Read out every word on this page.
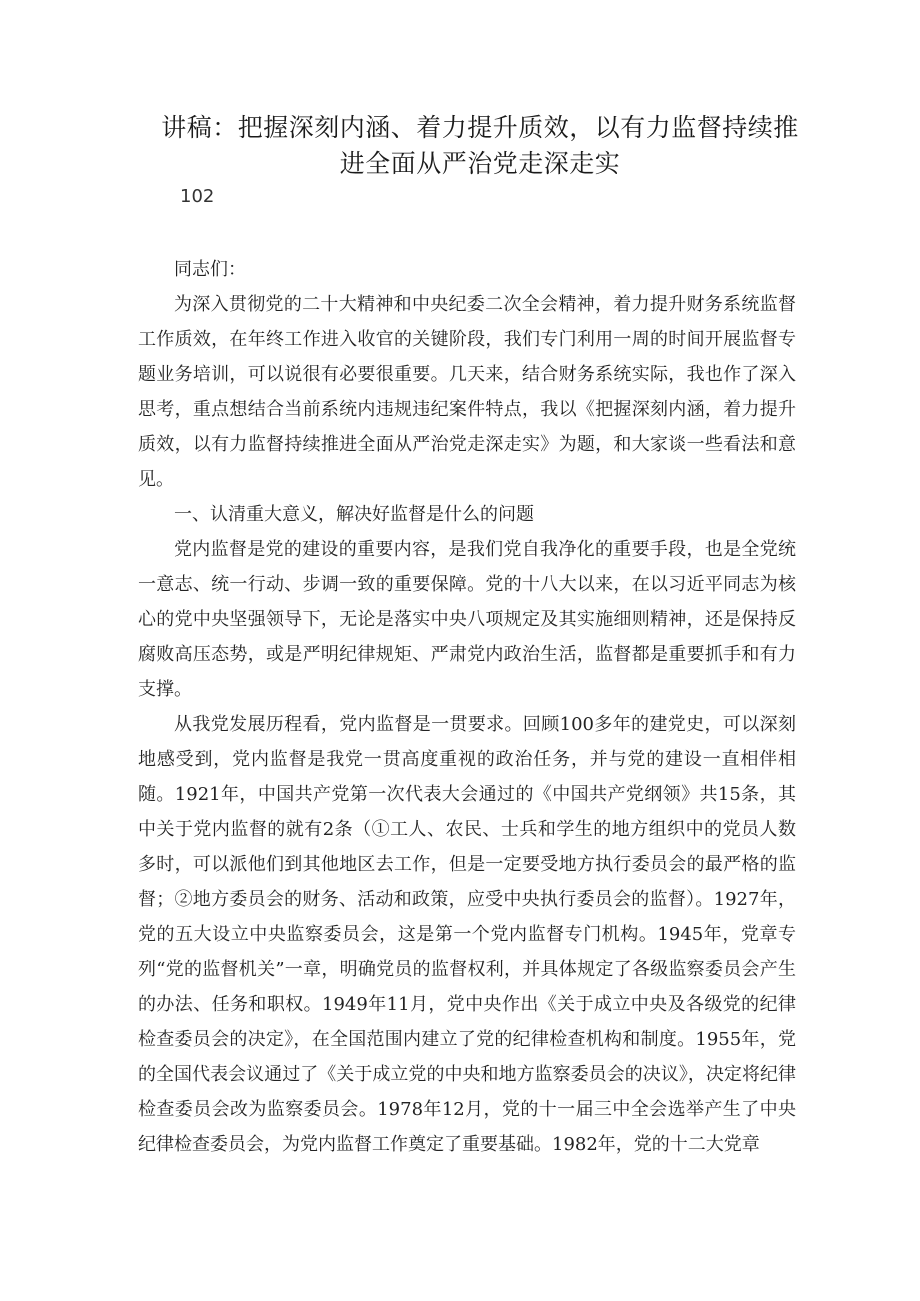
讲稿：把握深刻内涵、着力提升质效，以有力监督持续推
进全面从严治党走深走实
102

同志们：

为深入贯彻党的二十大精神和中央纪委二次全会精神，着力提升财务系统监督工作质效，在年终工作进入收官的关键阶段，我们专门利用一周的时间开展监督专题业务培训，可以说很有必要很重要。几天来，结合财务系统实际，我也作了深入思考，重点想结合当前系统内违规违纪案件特点，我以《把握深刻内涵，着力提升质效，以有力监督持续推进全面从严治党走深走实》为题，和大家谈一些看法和意见。

一、认清重大意义，解决好监督是什么的问题

党内监督是党的建设的重要内容，是我们党自我净化的重要手段，也是全党统一意志、统一行动、步调一致的重要保障。党的十八大以来，在以习近平同志为核心的党中央坚强领导下，无论是落实中央八项规定及其实施细则精神，还是保持反腐败高压态势，或是严明纪律规矩、严肃党内政治生活，监督都是重要抓手和有力支撑。

从我党发展历程看，党内监督是一贯要求。回顾100多年的建党史，可以深刻地感受到，党内监督是我党一贯高度重视的政治任务，并与党的建设一直相伴相随。1921年，中国共产党第一次代表大会通过的《中国共产党纲领》共15条，其中关于党内监督的就有2条（①工人、农民、士兵和学生的地方组织中的党员人数多时，可以派他们到其他地区去工作，但是一定要受地方执行委员会的最严格的监督；②地方委员会的财务、活动和政策，应受中央执行委员会的监督）。1927年，党的五大设立中央监察委员会，这是第一个党内监督专门机构。1945年，党章专列“党的监督机关”一章，明确党员的监督权利，并具体规定了各级监察委员会产生的办法、任务和职权。1949年11月，党中央作出《关于成立中央及各级党的纪律检查委员会的决定》，在全国范围内建立了党的纪律检查机构和制度。1955年，党的全国代表会议通过了《关于成立党的中央和地方监察委员会的决议》，决定将纪律检查委员会改为监察委员会。1978年12月，党的十一届三中全会选举产生了中央纪律检查委员会，为党内监督工作奠定了重要基础。1982年，党的十二大党章
